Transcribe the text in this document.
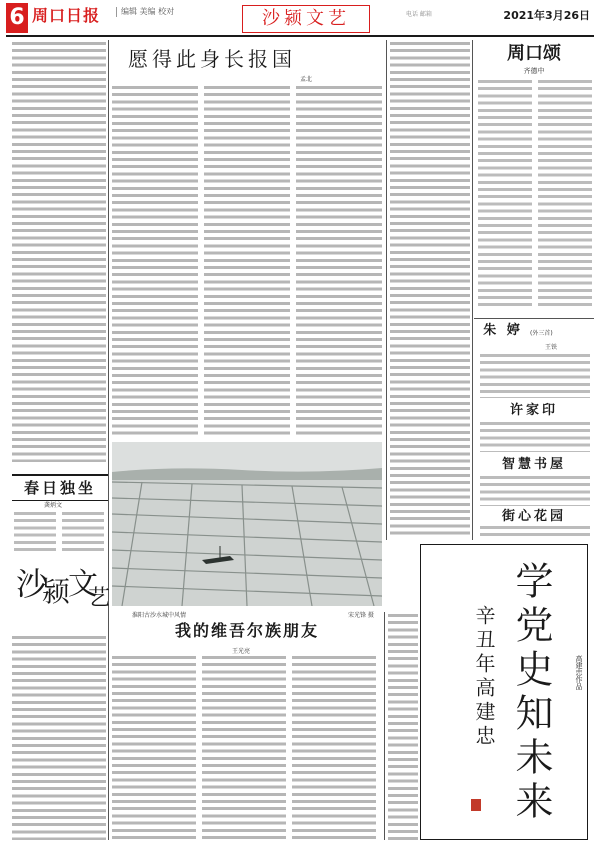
6 周口日报	编辑 美编 校对	沙颍文艺	电话 邮箱	2021年3月26日
愿得此身长报国
孟北
周口颂
齐德中
朱 婷	(外三首)
王铁
许家印
智慧书屋
街心花园
淮阳古沙水城中风情	宋光锋 摄
春日独坐
龚炳文
沙
颍
文
艺
我的维吾尔族朋友
王光亮
学党史知未来
辛丑年高建忠
高建忠作品
